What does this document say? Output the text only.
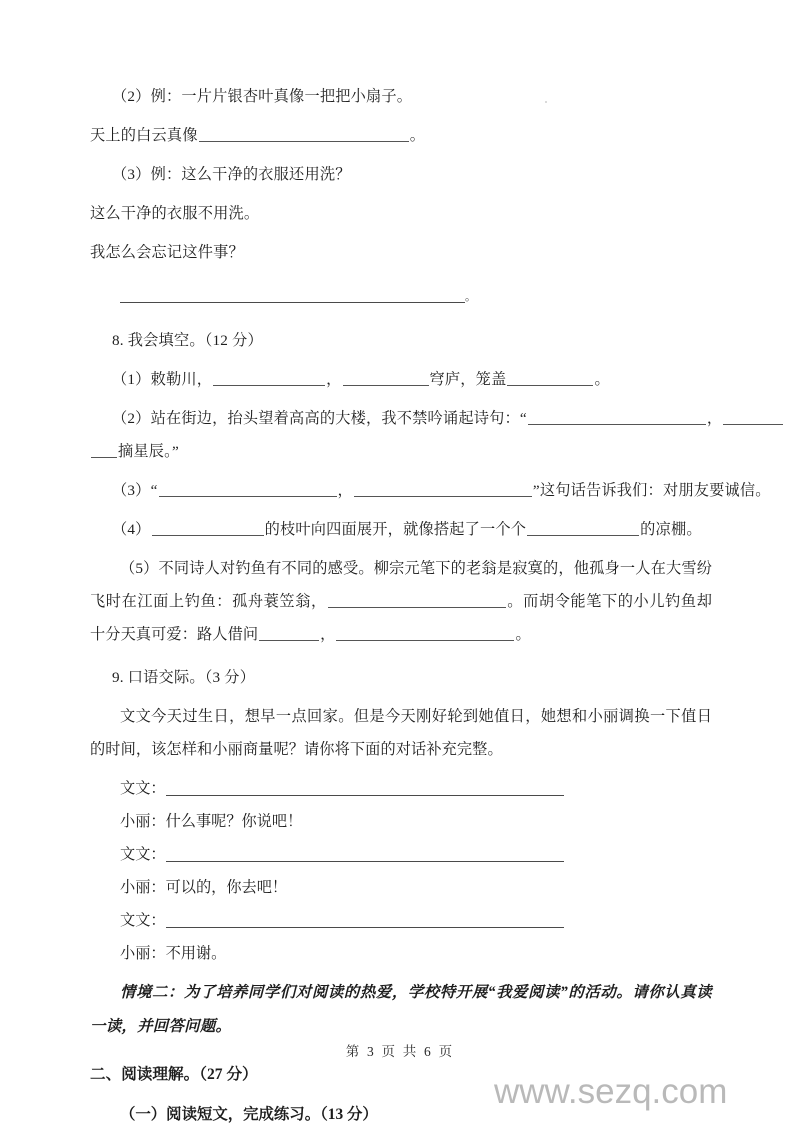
（2）例：一片片银杏叶真像一把把小扇子。
天上的白云真像	。
（3）例：这么干净的衣服还用洗？
这么干净的衣服不用洗。
我怎么会忘记这件事？
。
8. 我会填空。（12 分）
（1）敕勒川，	，	穹庐，笼盖	。
（2）站在街边，抬头望着高高的大楼，我不禁吟诵起诗句：“	，
摘星辰。”
（3）“	，	”这句话告诉我们：对朋友要诚信。
（4）	的枝叶向四面展开，就像搭起了一个个	的凉棚。
（5）不同诗人对钓鱼有不同的感受。柳宗元笔下的老翁是寂寞的，他孤身一人在大雪纷飞时在江面上钓鱼：孤舟蓑笠翁，	。而胡令能笔下的小儿钓鱼却十分天真可爱：路人借问	，	。
9. 口语交际。（3 分）
文文今天过生日，想早一点回家。但是今天刚好轮到她值日，她想和小丽调换一下值日的时间，该怎样和小丽商量呢？请你将下面的对话补充完整。
文文：
小丽：什么事呢？你说吧！
文文：
小丽：可以的，你去吧！
文文：
小丽：不用谢。
情境二：为了培养同学们对阅读的热爱，学校特开展“我爱阅读”的活动。请你认真读一读，并回答问题。
二、阅读理解。（27 分）
（一）阅读短文，完成练习。（13 分）
第 3 页 共 6 页
www.sezq.com
